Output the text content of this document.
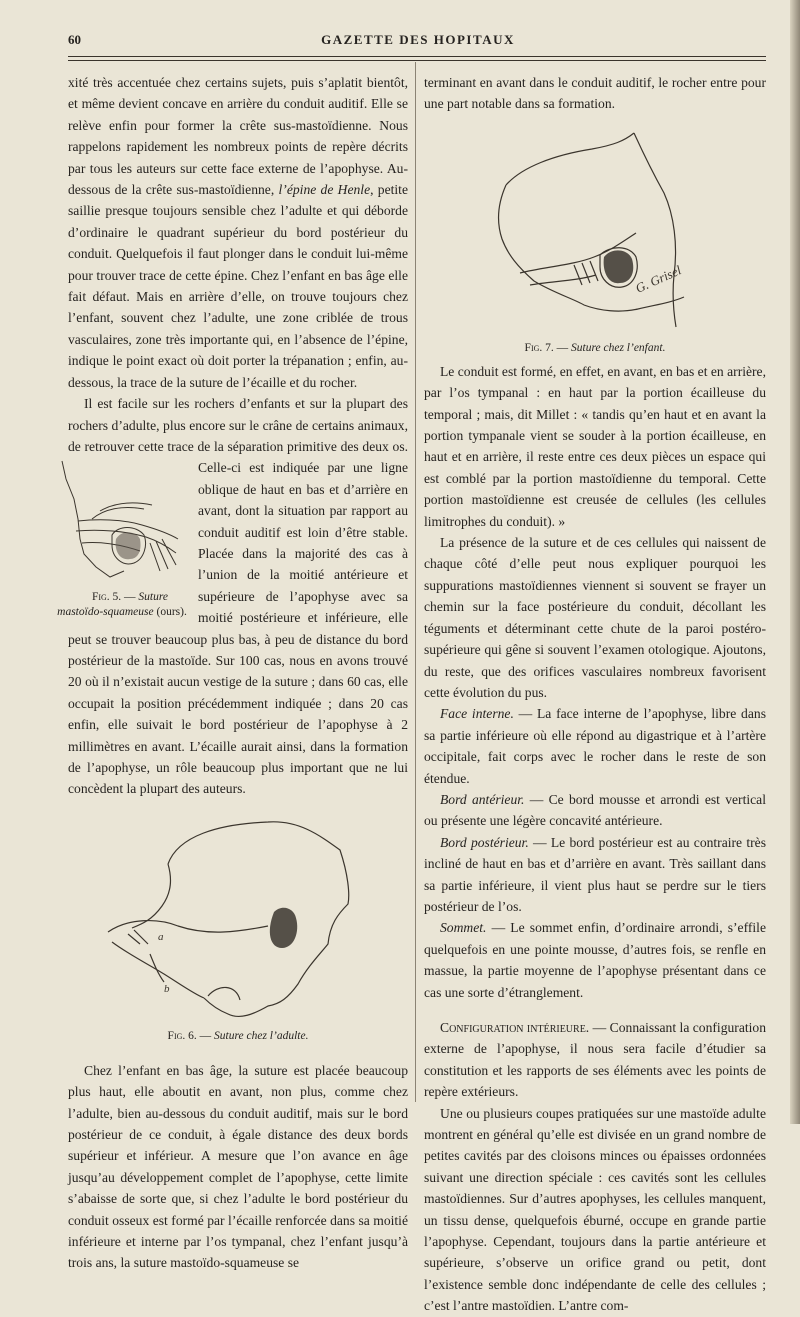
60	GAZETTE DES HOPITAUX

xité très accentuée chez certains sujets, puis s’aplatit bientôt, et même devient concave en arrière du conduit auditif. Elle se relève enfin pour former la crête sus-mastoïdienne. Nous rappelons rapidement les nombreux points de repère décrits par tous les auteurs sur cette face externe de l’apophyse. Au-dessous de la crête sus-mastoïdienne, l’épine de Henle, petite saillie presque toujours sensible chez l’adulte et qui déborde d’ordinaire le quadrant supérieur du bord postérieur du conduit. Quelquefois il faut plonger dans le conduit lui-même pour trouver trace de cette épine. Chez l’enfant en bas âge elle fait défaut. Mais en arrière d’elle, on trouve toujours chez l’enfant, souvent chez l’adulte, une zone criblée de trous vasculaires, zone très importante qui, en l’absence de l’épine, indique le point exact où doit porter la trépanation ; enfin, au-dessous, la trace de la suture de l’écaille et du rocher.

Il est facile sur les rochers d’enfants et sur la plupart des rochers d’adulte, plus encore sur le crâne de certains animaux, de retrouver cette trace de la séparation primitive
Fig. 5. — Suture mastoïdo-squameuse (ours).
des deux os. Celle-ci est indiquée par une ligne oblique de haut en bas et d’arrière en avant, dont la situation par rapport au conduit auditif est loin d’être stable. Placée dans la majorité des cas à l’union de la moitié antérieure et supérieure de l’apophyse avec sa moitié postérieure et inférieure, elle peut se trouver beaucoup plus bas, à peu de distance du bord postérieur de la mastoïde. Sur 100 cas, nous en avons trouvé 20 où il n’existait aucun vestige de la suture ; dans 60 cas, elle occupait la position précédemment indiquée ; dans 20 cas enfin, elle suivait le bord postérieur de l’apophyse à 2 millimètres en avant. L’écaille aurait ainsi, dans la formation de l’apophyse, un rôle beaucoup plus important que ne lui concèdent la plupart des auteurs.

a
b
Fig. 6. — Suture chez l’adulte.

Chez l’enfant en bas âge, la suture est placée beaucoup plus haut, elle aboutit en avant, non plus, comme chez l’adulte, bien au-dessous du conduit auditif, mais sur le bord postérieur de ce conduit, à égale distance des deux bords supérieur et inférieur. A mesure que l’on avance en âge jusqu’au développement complet de l’apophyse, cette limite s’abaisse de sorte que, si chez l’adulte le bord postérieur du conduit osseux est formé par l’écaille renforcée dans sa moitié inférieure et interne par l’os tympanal, chez l’enfant jusqu’à trois ans, la suture mastoïdo-squameuse se

terminant en avant dans le conduit auditif, le rocher entre pour une part notable dans sa formation.

G. Grisel
Fig. 7. — Suture chez l’enfant.

Le conduit est formé, en effet, en avant, en bas et en arrière, par l’os tympanal : en haut par la portion écailleuse du temporal ; mais, dit Millet : « tandis qu’en haut et en avant la portion tympanale vient se souder à la portion écailleuse, en haut et en arrière, il reste entre ces deux pièces un espace qui est comblé par la portion mastoïdienne du temporal. Cette portion mastoïdienne est creusée de cellules (les cellules limitrophes du conduit). »

La présence de la suture et de ces cellules qui naissent de chaque côté d’elle peut nous expliquer pourquoi les suppurations mastoïdiennes viennent si souvent se frayer un chemin sur la face postérieure du conduit, décollant les téguments et déterminant cette chute de la paroi postéro-supérieure qui gêne si souvent l’examen otologique. Ajoutons, du reste, que des orifices vasculaires nombreux favorisent cette évolution du pus.

Face interne. — La face interne de l’apophyse, libre dans sa partie inférieure où elle répond au digastrique et à l’artère occipitale, fait corps avec le rocher dans le reste de son étendue.

Bord antérieur. — Ce bord mousse et arrondi est vertical ou présente une légère concavité antérieure.

Bord postérieur. — Le bord postérieur est au contraire très incliné de haut en bas et d’arrière en avant. Très saillant dans sa partie inférieure, il vient plus haut se perdre sur le tiers postérieur de l’os.

Sommet. — Le sommet enfin, d’ordinaire arrondi, s’effile quelquefois en une pointe mousse, d’autres fois, se renfle en massue, la partie moyenne de l’apophyse présentant dans ce cas une sorte d’étranglement.

Configuration intérieure. — Connaissant la configuration externe de l’apophyse, il nous sera facile d’étudier sa constitution et les rapports de ses éléments avec les points de repère extérieurs.

Une ou plusieurs coupes pratiquées sur une mastoïde adulte montrent en général qu’elle est divisée en un grand nombre de petites cavités par des cloisons minces ou épaisses ordonnées suivant une direction spéciale : ces cavités sont les cellules mastoïdiennes. Sur d’autres apophyses, les cellules manquent, un tissu dense, quelquefois éburné, occupe en grande partie l’apophyse. Cependant, toujours dans la partie antérieure et supérieure, s’observe un orifice grand ou petit, dont l’existence semble donc indépendante de celle des cellules ; c’est l’antre mastoïdien. L’antre com-
